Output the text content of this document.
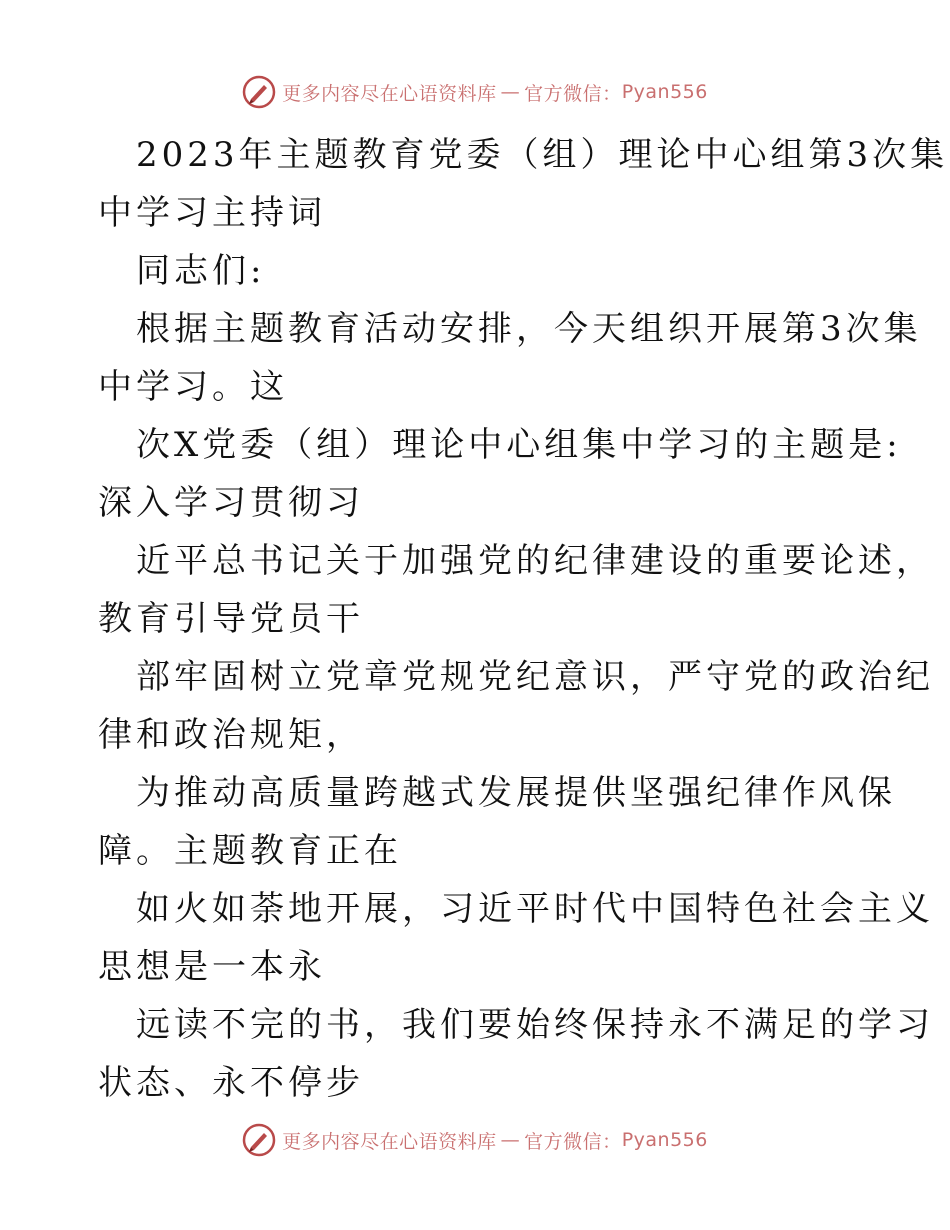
更多内容尽在心语资料库 — 官方微信： Pyan556
2023年主题教育党委（组）理论中心组第3次集
中学习主持词
同志们:
根据主题教育活动安排，今天组织开展第3次集
中学习。这
次X党委（组）理论中心组集中学习的主题是:
深入学习贯彻习
近平总书记关于加强党的纪律建设的重要论述，
教育引导党员干
部牢固树立党章党规党纪意识，严守党的政治纪
律和政治规矩，
为推动高质量跨越式发展提供坚强纪律作风保
障。主题教育正在
如火如荼地开展，习近平时代中国特色社会主义
思想是一本永
远读不完的书，我们要始终保持永不满足的学习
状态、永不停步
更多内容尽在心语资料库 — 官方微信： Pyan556
